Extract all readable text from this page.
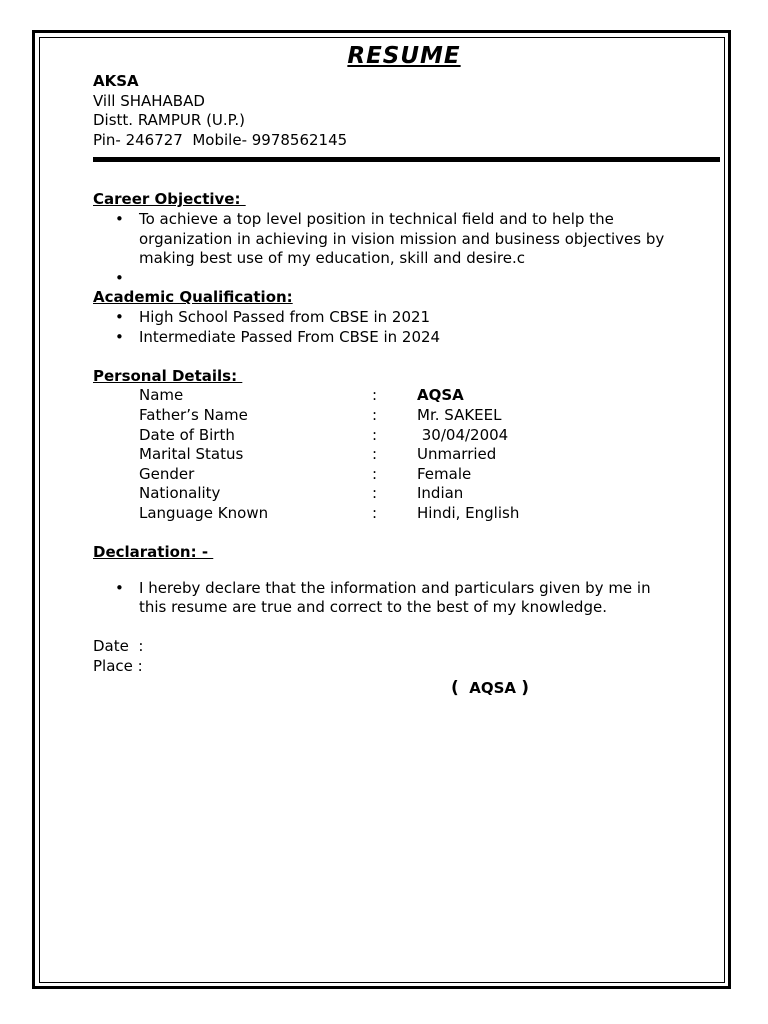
RESUME
AKSA
Vill SHAHABAD
Distt. RAMPUR (U.P.)
Pin- 246727  Mobile- 9978562145
Career Objective:
• To achieve a top level position in technical field and to help the organization in achieving in vision mission and business objectives by making best use of my education, skill and desire.c
•
Academic Qualification:
• High School Passed from CBSE in 2021
• Intermediate Passed From CBSE in 2024
Personal Details:
Name	:	AQSA
Father’s Name	:	Mr. SAKEEL
Date of Birth	:	30/04/2004
Marital Status	:	Unmarried
Gender	:	Female
Nationality	:	Indian
Language Known	:	Hindi, English
Declaration: -
• I hereby declare that the information and particulars given by me in this resume are true and correct to the best of my knowledge.
Date  :
Place :
(  AQSA )
